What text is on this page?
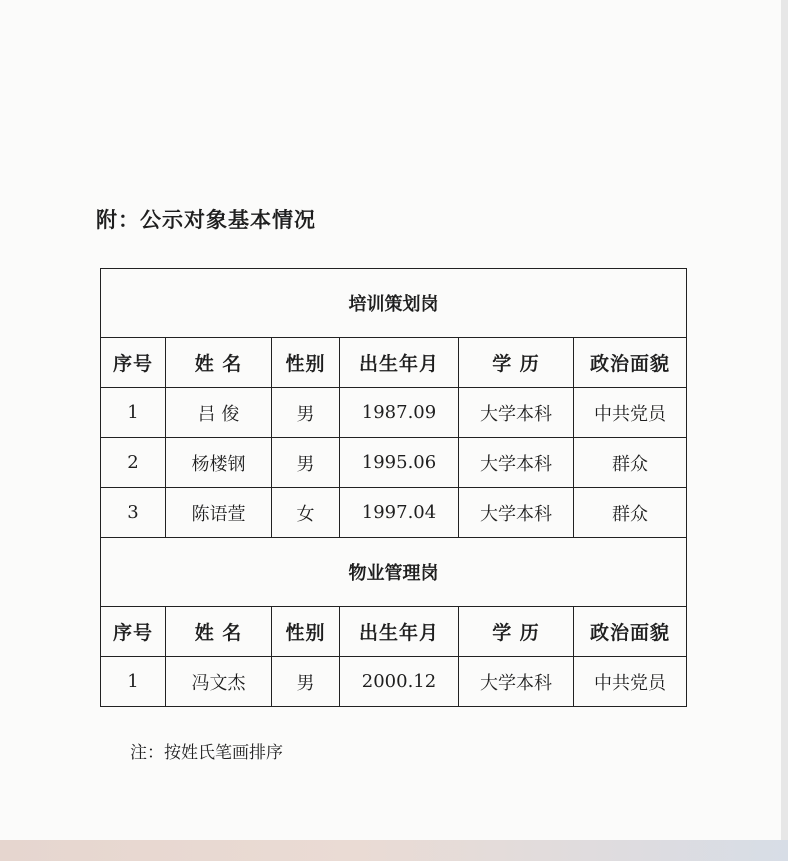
附：公示对象基本情况
培训策划岗					
序号	姓 名	性别	出生年月	学 历	政治面貌
1	吕 俊	男	1987.09	大学本科	中共党员
2	杨楼钢	男	1995.06	大学本科	群众
3	陈语萱	女	1997.04	大学本科	群众
物业管理岗					
序号	姓 名	性别	出生年月	学 历	政治面貌
1	冯文杰	男	2000.12	大学本科	中共党员
注：按姓氏笔画排序
